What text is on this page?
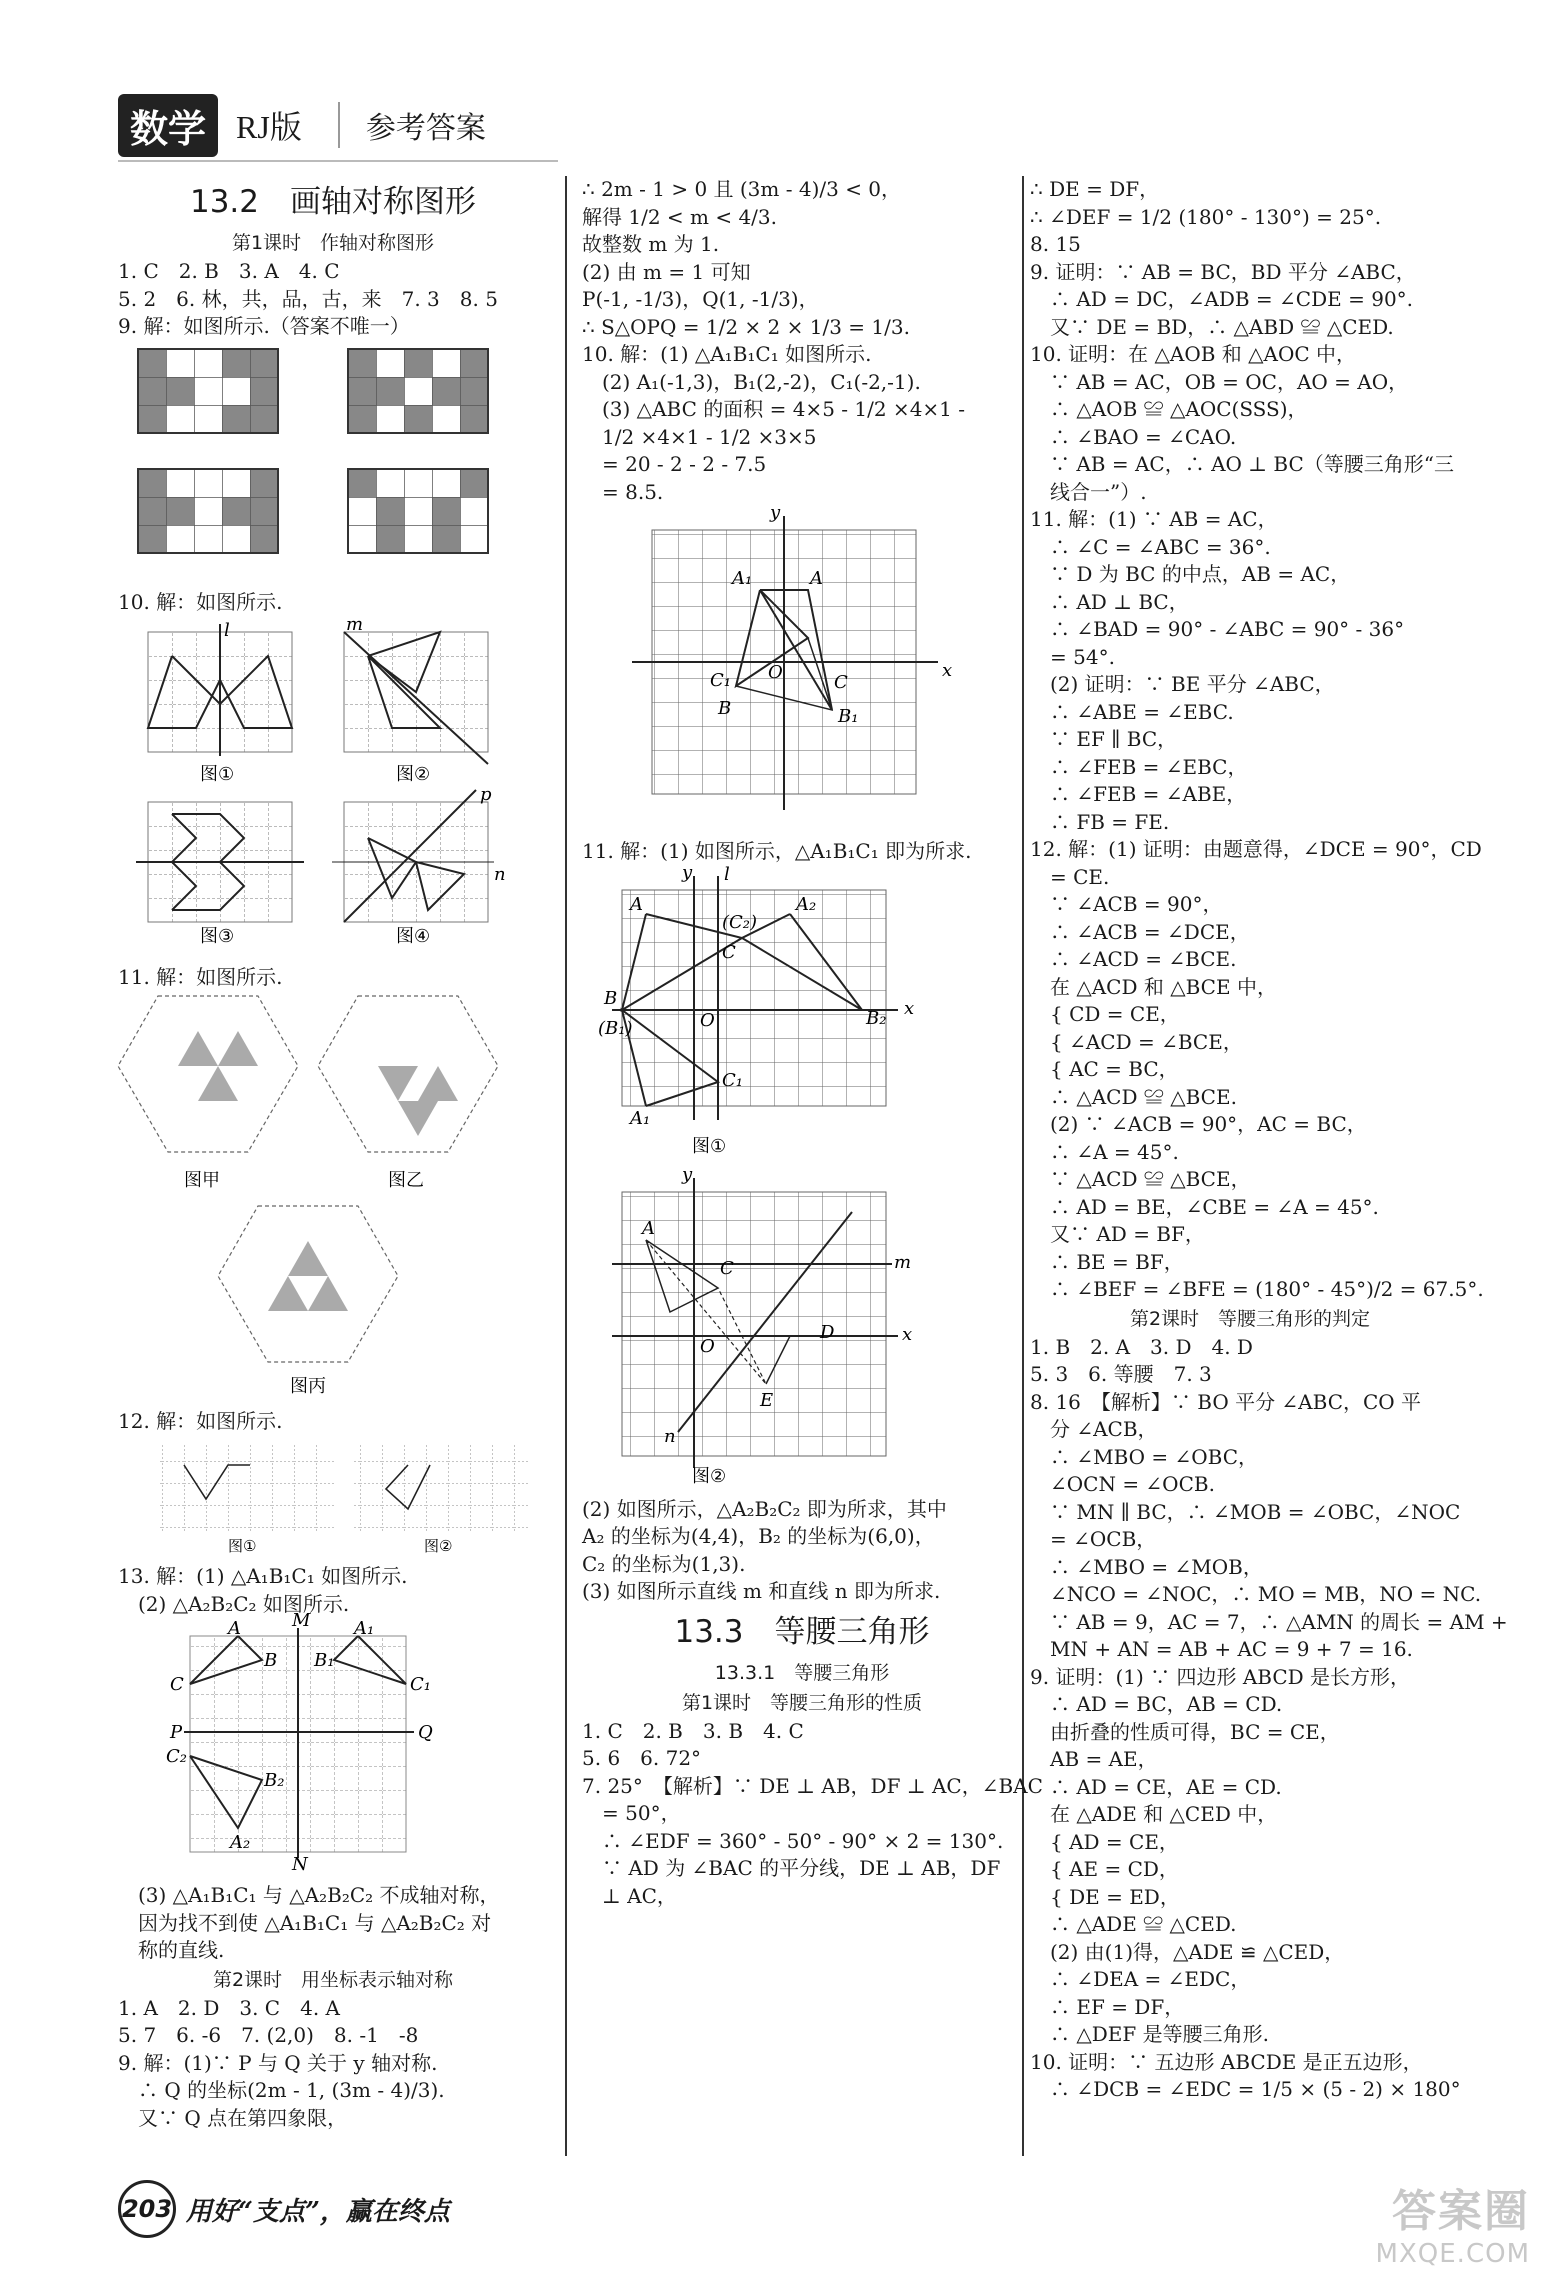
数学 RJ版	参考答案
13.2　画轴对称图形
第1课时　作轴对称图形
1. C　2. B　3. A　4. C
5. 2　6. 林，共，品，古，来　7. 3　8. 5
9. 解：如图所示.（答案不唯一）
10. 解：如图所示.
l
图①
m
图②
图③
p
n
图④
11. 解：如图所示.
图甲	图乙
图丙
12. 解：如图所示.
图①	图②
13. 解：(1) △A₁B₁C₁ 如图所示.
　(2) △A₂B₂C₂ 如图所示.
A	M A₁
B B₁
C	C₁
P	Q
C₂
B₂
A₂
N
　(3) △A₁B₁C₁ 与 △A₂B₂C₂ 不成轴对称，
　因为找不到使 △A₁B₁C₁ 与 △A₂B₂C₂ 对
　称的直线.
第2课时　用坐标表示轴对称
1. A　2. D　3. C　4. A
5. 7　6. -6　7. (2,0)　8. -1　-8
9. 解：(1)∵ P 与 Q 关于 y 轴对称.
　∴ Q 的坐标(2m - 1, (3m - 4)/3).
　又∵ Q 点在第四象限，
∴ 2m - 1 > 0 且 (3m - 4)/3 < 0，
解得 1/2 < m < 4/3.
故整数 m 为 1.
(2) 由 m = 1 可知
P(-1, -1/3)，Q(1, -1/3)，
∴ S△OPQ = 1/2 × 2 × 1/3 = 1/3.
10. 解：(1) △A₁B₁C₁ 如图所示.
　(2) A₁(-1,3)，B₁(2,-2)，C₁(-2,-1).
　(3) △ABC 的面积 = 4×5 - 1/2 ×4×1 -
　1/2 ×4×1 - 1/2 ×3×5
　= 20 - 2 - 2 - 7.5
　= 8.5.
x
y
A₁	A
C₁	C
B	B₁
O
11. 解：(1) 如图所示，△A₁B₁C₁ 即为所求.
A	A₂
(C₂)
C
B
(B₁)	B₂
O
C₁
A₁
x
y l
图①

A
C
O
D
E
n
m
x
y
图②
(2) 如图所示，△A₂B₂C₂ 即为所求，其中
A₂ 的坐标为(4,4)，B₂ 的坐标为(6,0)，
C₂ 的坐标为(1,3).
(3) 如图所示直线 m 和直线 n 即为所求.
13.3　等腰三角形
13.3.1　等腰三角形
第1课时　等腰三角形的性质
1. C　2. B　3. B　4. C
5. 6　6. 72°
7. 25°　【解析】∵ DE ⊥ AB，DF ⊥ AC，∠BAC
　= 50°，
　∴ ∠EDF = 360° - 50° - 90° × 2 = 130°.
　∵ AD 为 ∠BAC 的平分线，DE ⊥ AB，DF
　⊥ AC，
∴ DE = DF，
∴ ∠DEF = 1/2 (180° - 130°) = 25°.
8. 15
9. 证明：∵ AB = BC，BD 平分 ∠ABC，
　∴ AD = DC，∠ADB = ∠CDE = 90°.
　又∵ DE = BD，∴ △ABD ≌ △CED.
10. 证明：在 △AOB 和 △AOC 中，
　∵ AB = AC，OB = OC，AO = AO，
　∴ △AOB ≌ △AOC(SSS)，
　∴ ∠BAO = ∠CAO.
　∵ AB = AC，∴ AO ⊥ BC（等腰三角形“三
　线合一”）.
11. 解：(1) ∵ AB = AC，
　∴ ∠C = ∠ABC = 36°.
　∵ D 为 BC 的中点，AB = AC，
　∴ AD ⊥ BC，
　∴ ∠BAD = 90° - ∠ABC = 90° - 36°
　= 54°.
　(2) 证明：∵ BE 平分 ∠ABC，
　∴ ∠ABE = ∠EBC.
　∵ EF ∥ BC，
　∴ ∠FEB = ∠EBC，
　∴ ∠FEB = ∠ABE，
　∴ FB = FE.
12. 解：(1) 证明：由题意得，∠DCE = 90°，CD
　= CE.
　∵ ∠ACB = 90°，
　∴ ∠ACB = ∠DCE，
　∴ ∠ACD = ∠BCE.
　在 △ACD 和 △BCE 中，
　{ CD = CE，
　{ ∠ACD = ∠BCE，
　{ AC = BC，
　∴ △ACD ≌ △BCE.
　(2) ∵ ∠ACB = 90°，AC = BC，
　∴ ∠A = 45°.
　∵ △ACD ≌ △BCE，
　∴ AD = BE，∠CBE = ∠A = 45°.
　又∵ AD = BF，
　∴ BE = BF，
　∴ ∠BEF = ∠BFE = (180° - 45°)/2 = 67.5°.
第2课时　等腰三角形的判定
1. B　2. A　3. D　4. D
5. 3　6. 等腰　7. 3
8. 16　【解析】∵ BO 平分 ∠ABC，CO 平
　分 ∠ACB，
　∴ ∠MBO = ∠OBC，
　∠OCN = ∠OCB.
　∵ MN ∥ BC，∴ ∠MOB = ∠OBC，∠NOC
　= ∠OCB，
　∴ ∠MBO = ∠MOB，
　∠NCO = ∠NOC，∴ MO = MB，NO = NC.
　∵ AB = 9，AC = 7，∴ △AMN 的周长 = AM +
　MN + AN = AB + AC = 9 + 7 = 16.
9. 证明：(1) ∵ 四边形 ABCD 是长方形，
　∴ AD = BC，AB = CD.
　由折叠的性质可得，BC = CE，
　AB = AE，
　∴ AD = CE，AE = CD.
　在 △ADE 和 △CED 中，
　{ AD = CE，
　{ AE = CD，
　{ DE = ED，
　∴ △ADE ≌ △CED.
　(2) 由(1)得，△ADE ≌ △CED，
　∴ ∠DEA = ∠EDC，
　∴ EF = DF，
　∴ △DEF 是等腰三角形.
10. 证明：∵ 五边形 ABCDE 是正五边形，
　∴ ∠DCB = ∠EDC = 1/5 × (5 - 2) × 180°
203 用好“支点”，赢在终点	答案圈
MXQE.COM
